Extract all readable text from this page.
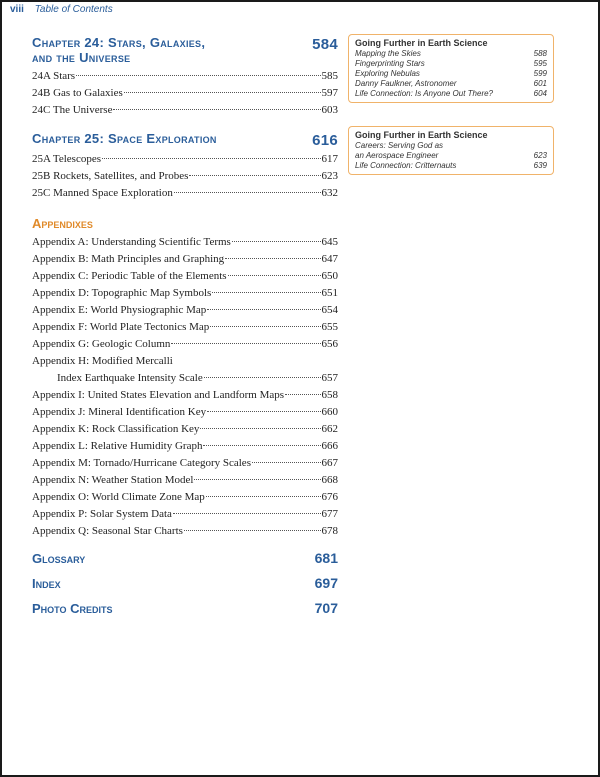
viii Table of Contents
Chapter 24: Stars, Galaxies,
and the Universe
584
24A Stars	585
24B Gas to Galaxies	597
24C The Universe	603
Chapter 25: Space Exploration	616
25A Telescopes	617
25B Rockets, Satellites, and Probes	623
25C Manned Space Exploration	632
Appendixes
Appendix A: Understanding Scientific Terms	645
Appendix B: Math Principles and Graphing	647
Appendix C: Periodic Table of the Elements	650
Appendix D: Topographic Map Symbols	651
Appendix E: World Physiographic Map	654
Appendix F: World Plate Tectonics Map	655
Appendix G: Geologic Column	656
Appendix H: Modified Mercalli
Index Earthquake Intensity Scale	657
Appendix I: United States Elevation and Landform Maps	658
Appendix J: Mineral Identification Key	660
Appendix K: Rock Classification Key	662
Appendix L: Relative Humidity Graph	666
Appendix M: Tornado/Hurricane Category Scales	667
Appendix N: Weather Station Model	668
Appendix O: World Climate Zone Map	676
Appendix P: Solar System Data	677
Appendix Q: Seasonal Star Charts	678
Glossary	681
Index	697
Photo Credits	707
Going Further in Earth Science
Mapping the Skies	588
Fingerprinting Stars	595
Exploring Nebulas	599
Danny Faulkner, Astronomer	601
Life Connection: Is Anyone Out There?	604
Going Further in Earth Science
Careers: Serving God as
an Aerospace Engineer	623
Life Connection: Critternauts	639
